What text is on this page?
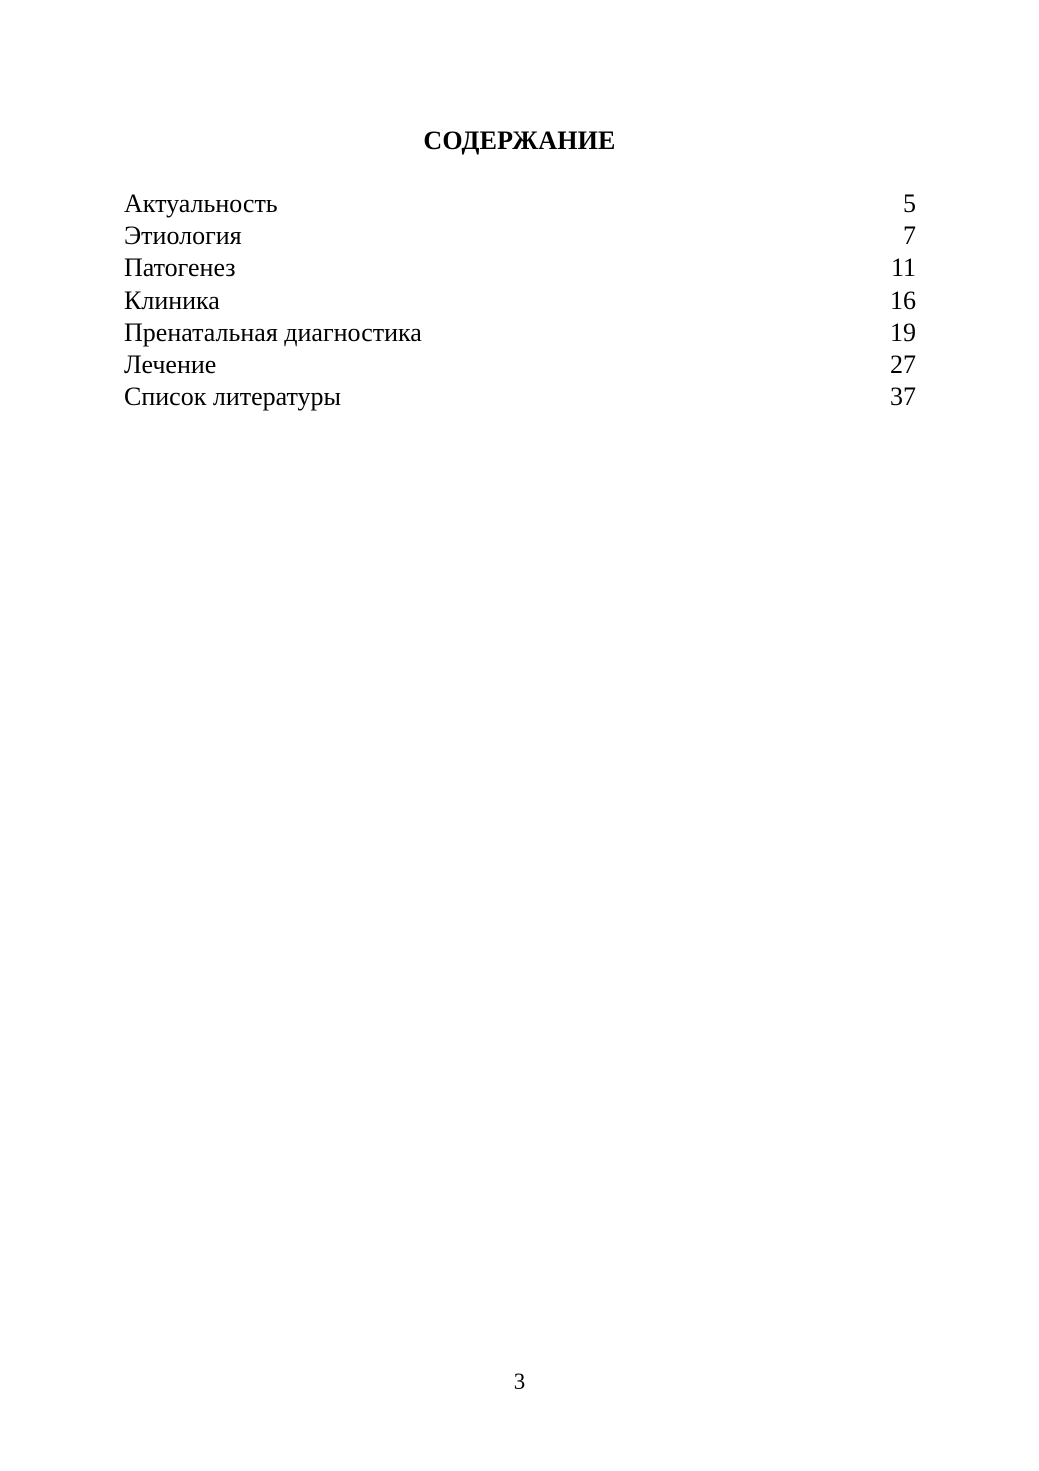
СОДЕРЖАНИЕ
Актуальность	5
Этиология	7
Патогенез	11
Клиника	16
Пренатальная диагностика	19
Лечение	27
Список литературы	37
3
